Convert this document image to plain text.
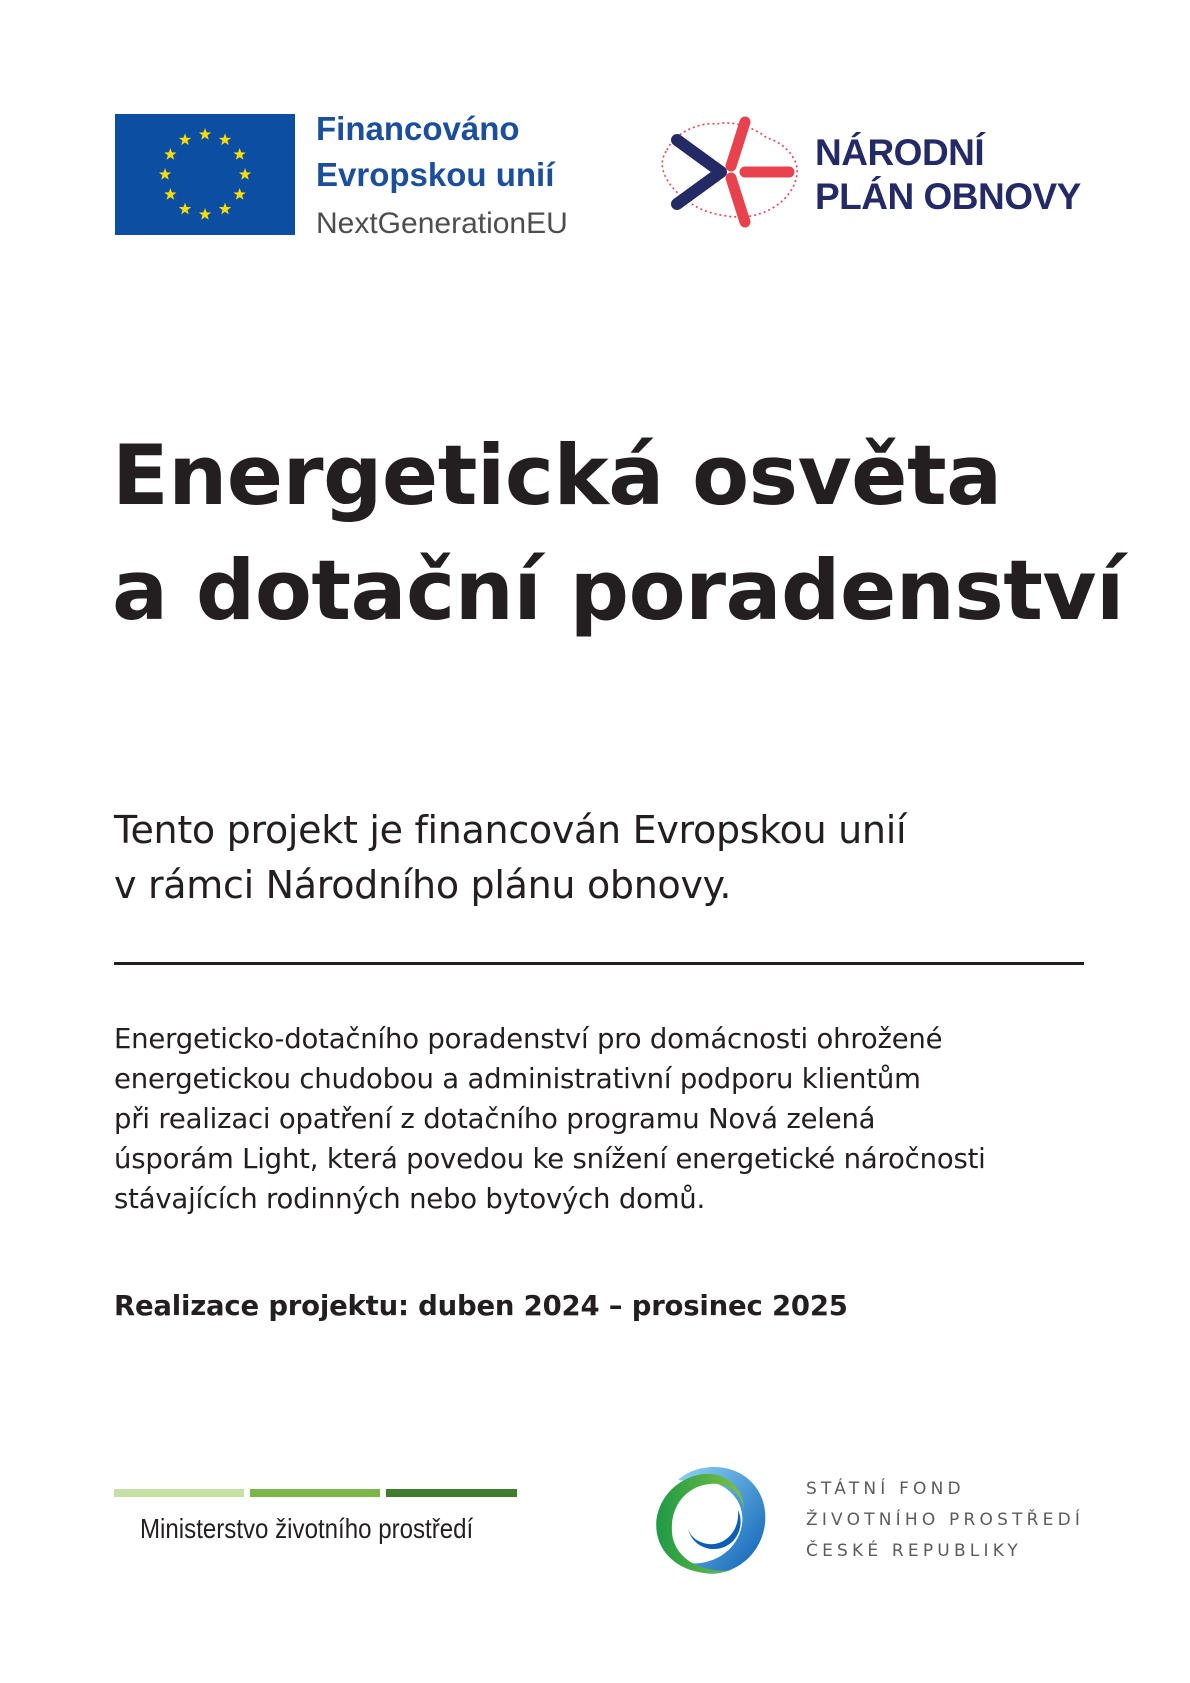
Financováno
Evropskou unií
NextGenerationEU
NÁRODNÍ
PLÁN OBNOVY
Energetická osvěta
a dotační poradenství
Tento projekt je financován Evropskou unií
v rámci Národního plánu obnovy.
Energeticko-dotačního poradenství pro domácnosti ohrožené
energetickou chudobou a administrativní podporu klientům
při realizaci opatření z dotačního programu Nová zelená
úsporám Light, která povedou ke snížení energetické náročnosti
stávajících rodinných nebo bytových domů.
Realizace projektu: duben 2024 – prosinec 2025
Ministerstvo životního prostředí
STÁTNÍ FOND
ŽIVOTNÍHO PROSTŘEDÍ
ČESKÉ REPUBLIKY
